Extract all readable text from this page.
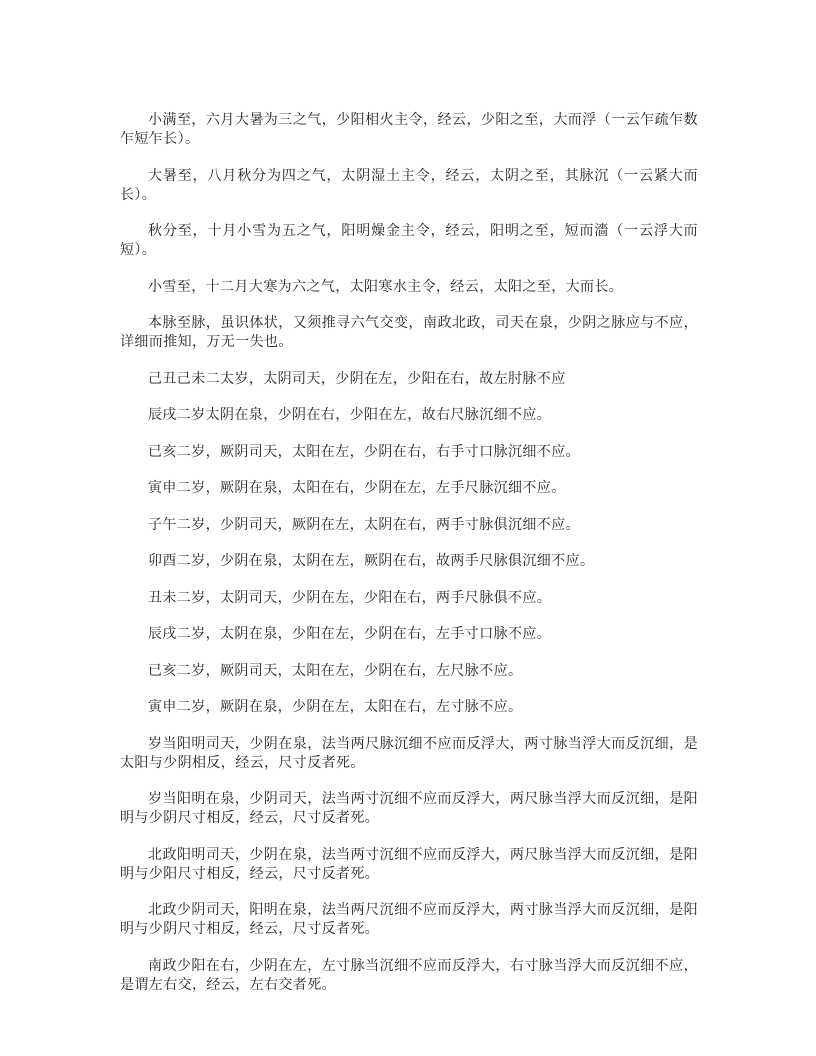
小满至，六月大暑为三之气，少阳相火主令，经云，少阳之至，大而浮（一云乍疏乍数乍短乍长）。

大暑至，八月秋分为四之气，太阴湿土主令，经云，太阴之至，其脉沉（一云紧大而长）。

秋分至，十月小雪为五之气，阳明燥金主令，经云，阳明之至，短而濇（一云浮大而短）。

小雪至，十二月大寒为六之气，太阳寒水主令，经云，太阳之至，大而长。

本脉至脉，虽识体状，又须推寻六气交变，南政北政，司天在泉，少阴之脉应与不应，详细而推知，万无一失也。

己丑己未二太岁，太阴司天，少阴在左，少阳在右，故左肘脉不应

辰戌二岁太阴在泉，少阴在右，少阳在左，故右尺脉沉细不应。

已亥二岁，厥阴司天，太阳在左，少阴在右，右手寸口脉沉细不应。

寅申二岁，厥阴在泉，太阳在右，少阴在左，左手尺脉沉细不应。

子午二岁，少阴司天，厥阴在左，太阴在右，两手寸脉俱沉细不应。

卯酉二岁，少阴在泉，太阴在左，厥阴在右，故两手尺脉俱沉细不应。

丑未二岁，太阴司天，少阴在左，少阳在右，两手尺脉俱不应。

辰戌二岁，太阴在泉，少阳在左，少阴在右，左手寸口脉不应。

已亥二岁，厥阴司天，太阳在左，少阴在右，左尺脉不应。

寅申二岁，厥阴在泉，少阴在左，太阳在右，左寸脉不应。

岁当阳明司天，少阴在泉，法当两尺脉沉细不应而反浮大，两寸脉当浮大而反沉细，是太阳与少阴相反，经云，尺寸反者死。

岁当阳明在泉，少阴司天，法当两寸沉细不应而反浮大，两尺脉当浮大而反沉细，是阳明与少阴尺寸相反，经云，尺寸反者死。

北政阳明司天，少阴在泉，法当两寸沉细不应而反浮大，两尺脉当浮大而反沉细，是阳明与少阳尺寸相反，经云，尺寸反者死。

北政少阴司天，阳明在泉，法当两尺沉细不应而反浮大，两寸脉当浮大而反沉细，是阳明与少阴尺寸相反，经云，尺寸反者死。

南政少阳在右，少阴在左，左寸脉当沉细不应而反浮大，右寸脉当浮大而反沉细不应，是谓左右交，经云，左右交者死。
